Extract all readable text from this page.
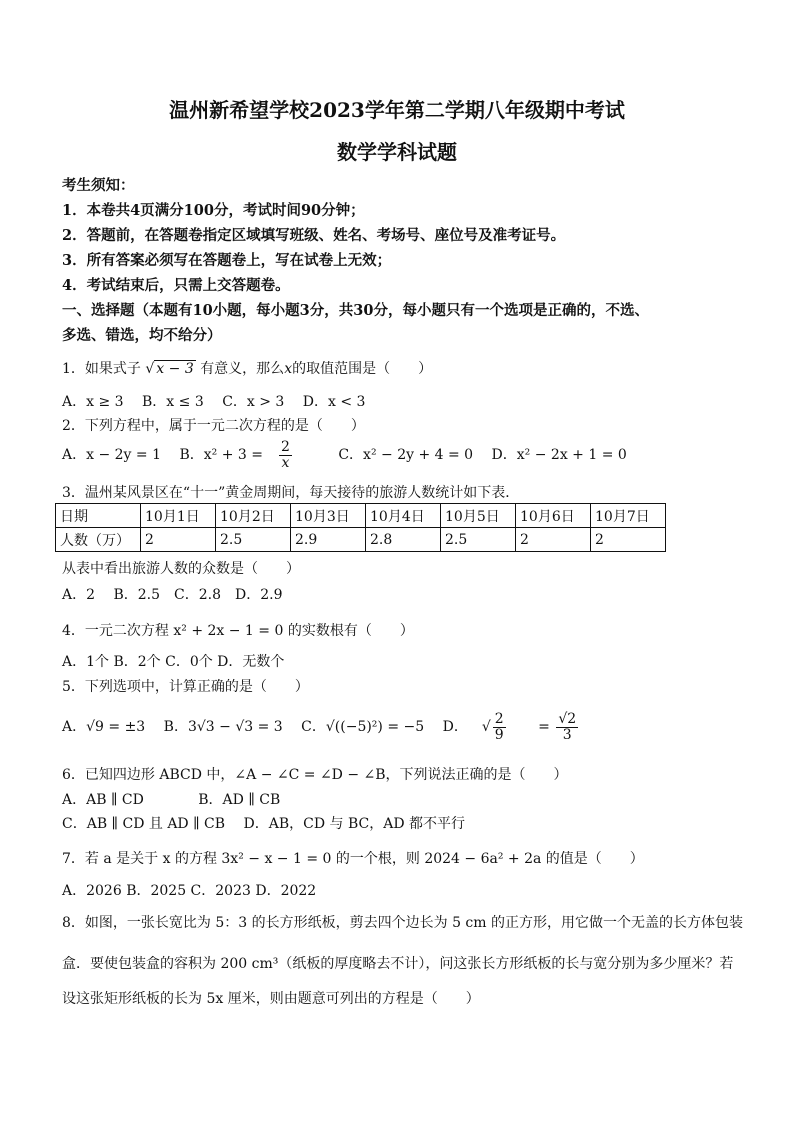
温州新希望学校2023学年第二学期八年级期中考试
数学学科试题
考生须知：
1．本卷共4页满分100分，考试时间90分钟；
2．答题前，在答题卷指定区域填写班级、姓名、考场号、座位号及准考证号。
3．所有答案必须写在答题卷上，写在试卷上无效；
4．考试结束后，只需上交答题卷。
一、选择题（本题有10小题，每小题3分，共30分，每小题只有一个选项是正确的，不选、
多选、错选，均不给分）
1．如果式子 √ x − 3 有意义，那么x的取值范围是（　　）
A．x ≥ 3 B．x ≤ 3 C．x > 3 D．x < 3
2．下列方程中，属于一元二次方程的是（　　）
A．x − 2y = 1 B．$x^2 + 3 = \frac{2}{x}$ C．x² − 2y + 4 = 0 D．x² − 2x + 1 = 0
3．温州某风景区在“十一”黄金周期间，每天接待的旅游人数统计如下表．
日期	10月1日	10月2日	10月3日	10月4日	10月5日	10月6日	10月7日
人数（万）	2	2.5	2.9	2.8	2.5	2	2
从表中看出旅游人数的众数是（　　）
A．2　 B．2.5　C．2.8　D．2.9
4．一元二次方程 x² + 2x − 1 = 0 的实数根有（　　）
A．1个 B．2个 C．0个 D．无数个
5．下列选项中，计算正确的是（　　）
A．√9 = ±3 B．3√3 − √3 = 3 C．√((−5)²) = −5 D． √ $\frac{2}{9} = \frac{√2}{3}$
6．已知四边形 ABCD 中，∠A − ∠C = ∠D − ∠B，下列说法正确的是（　　）
A．AB ∥ CD	B．AD ∥ CB
C．AB ∥ CD 且 AD ∥ CB D．AB，CD 与 BC，AD 都不平行
7．若 a 是关于 x 的方程 3x² − x − 1 = 0 的一个根，则 2024 − 6a² + 2a 的值是（　　）
A．2026 B．2025 C．2023 D．2022
8．如图，一张长宽比为 5：3 的长方形纸板，剪去四个边长为 5 cm 的正方形，用它做一个无盖的长方体包装
盒．要使包装盒的容积为 200 cm³（纸板的厚度略去不计），问这张长方形纸板的长与宽分别为多少厘米？若
设这张矩形纸板的长为 5x 厘米，则由题意可列出的方程是（　　）
